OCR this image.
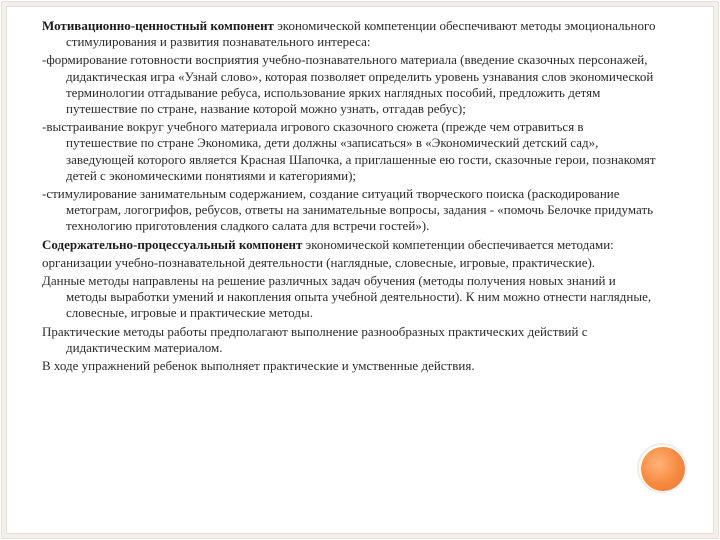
Мотивационно-ценностный компонент экономической компетенции обеспечивают методы эмоционального стимулирования и развития познавательного интереса:

-формирование готовности восприятия учебно-познавательного материала (введение сказочных персонажей, дидактическая игра «Узнай слово», которая позволяет определить уровень узнавания слов экономической терминологии отгадывание ребуса, использование ярких наглядных пособий, предложить детям путешествие по стране, название которой можно узнать, отгадав ребус);

-выстраивание вокруг учебного материала игрового сказочного сюжета (прежде чем отравиться в путешествие по стране Экономика, дети должны «записаться» в «Экономический детский сад», заведующей которого является Красная Шапочка, а приглашенные ею гости, сказочные герои, познакомят детей с экономическими понятиями и категориями);

-стимулирование занимательным содержанием, создание ситуаций творческого поиска (раскодирование метограм, логогрифов, ребусов, ответы на занимательные вопросы, задания - «помочь Белочке придумать технологию приготовления сладкого салата для встречи гостей»).

Содержательно-процессуальный компонент экономической компетенции обеспечивается методами:

организации учебно-познавательной деятельности (наглядные, словесные, игровые, практические).

Данные методы направлены на решение различных задач обучения (методы получения новых знаний и методы выработки умений и накопления опыта учебной деятельности). К ним можно отнести наглядные, словесные, игровые и практические методы.

Практические методы работы предполагают выполнение разнообразных практических действий с дидактическим материалом.

В ходе упражнений ребенок выполняет практические и умственные действия.
